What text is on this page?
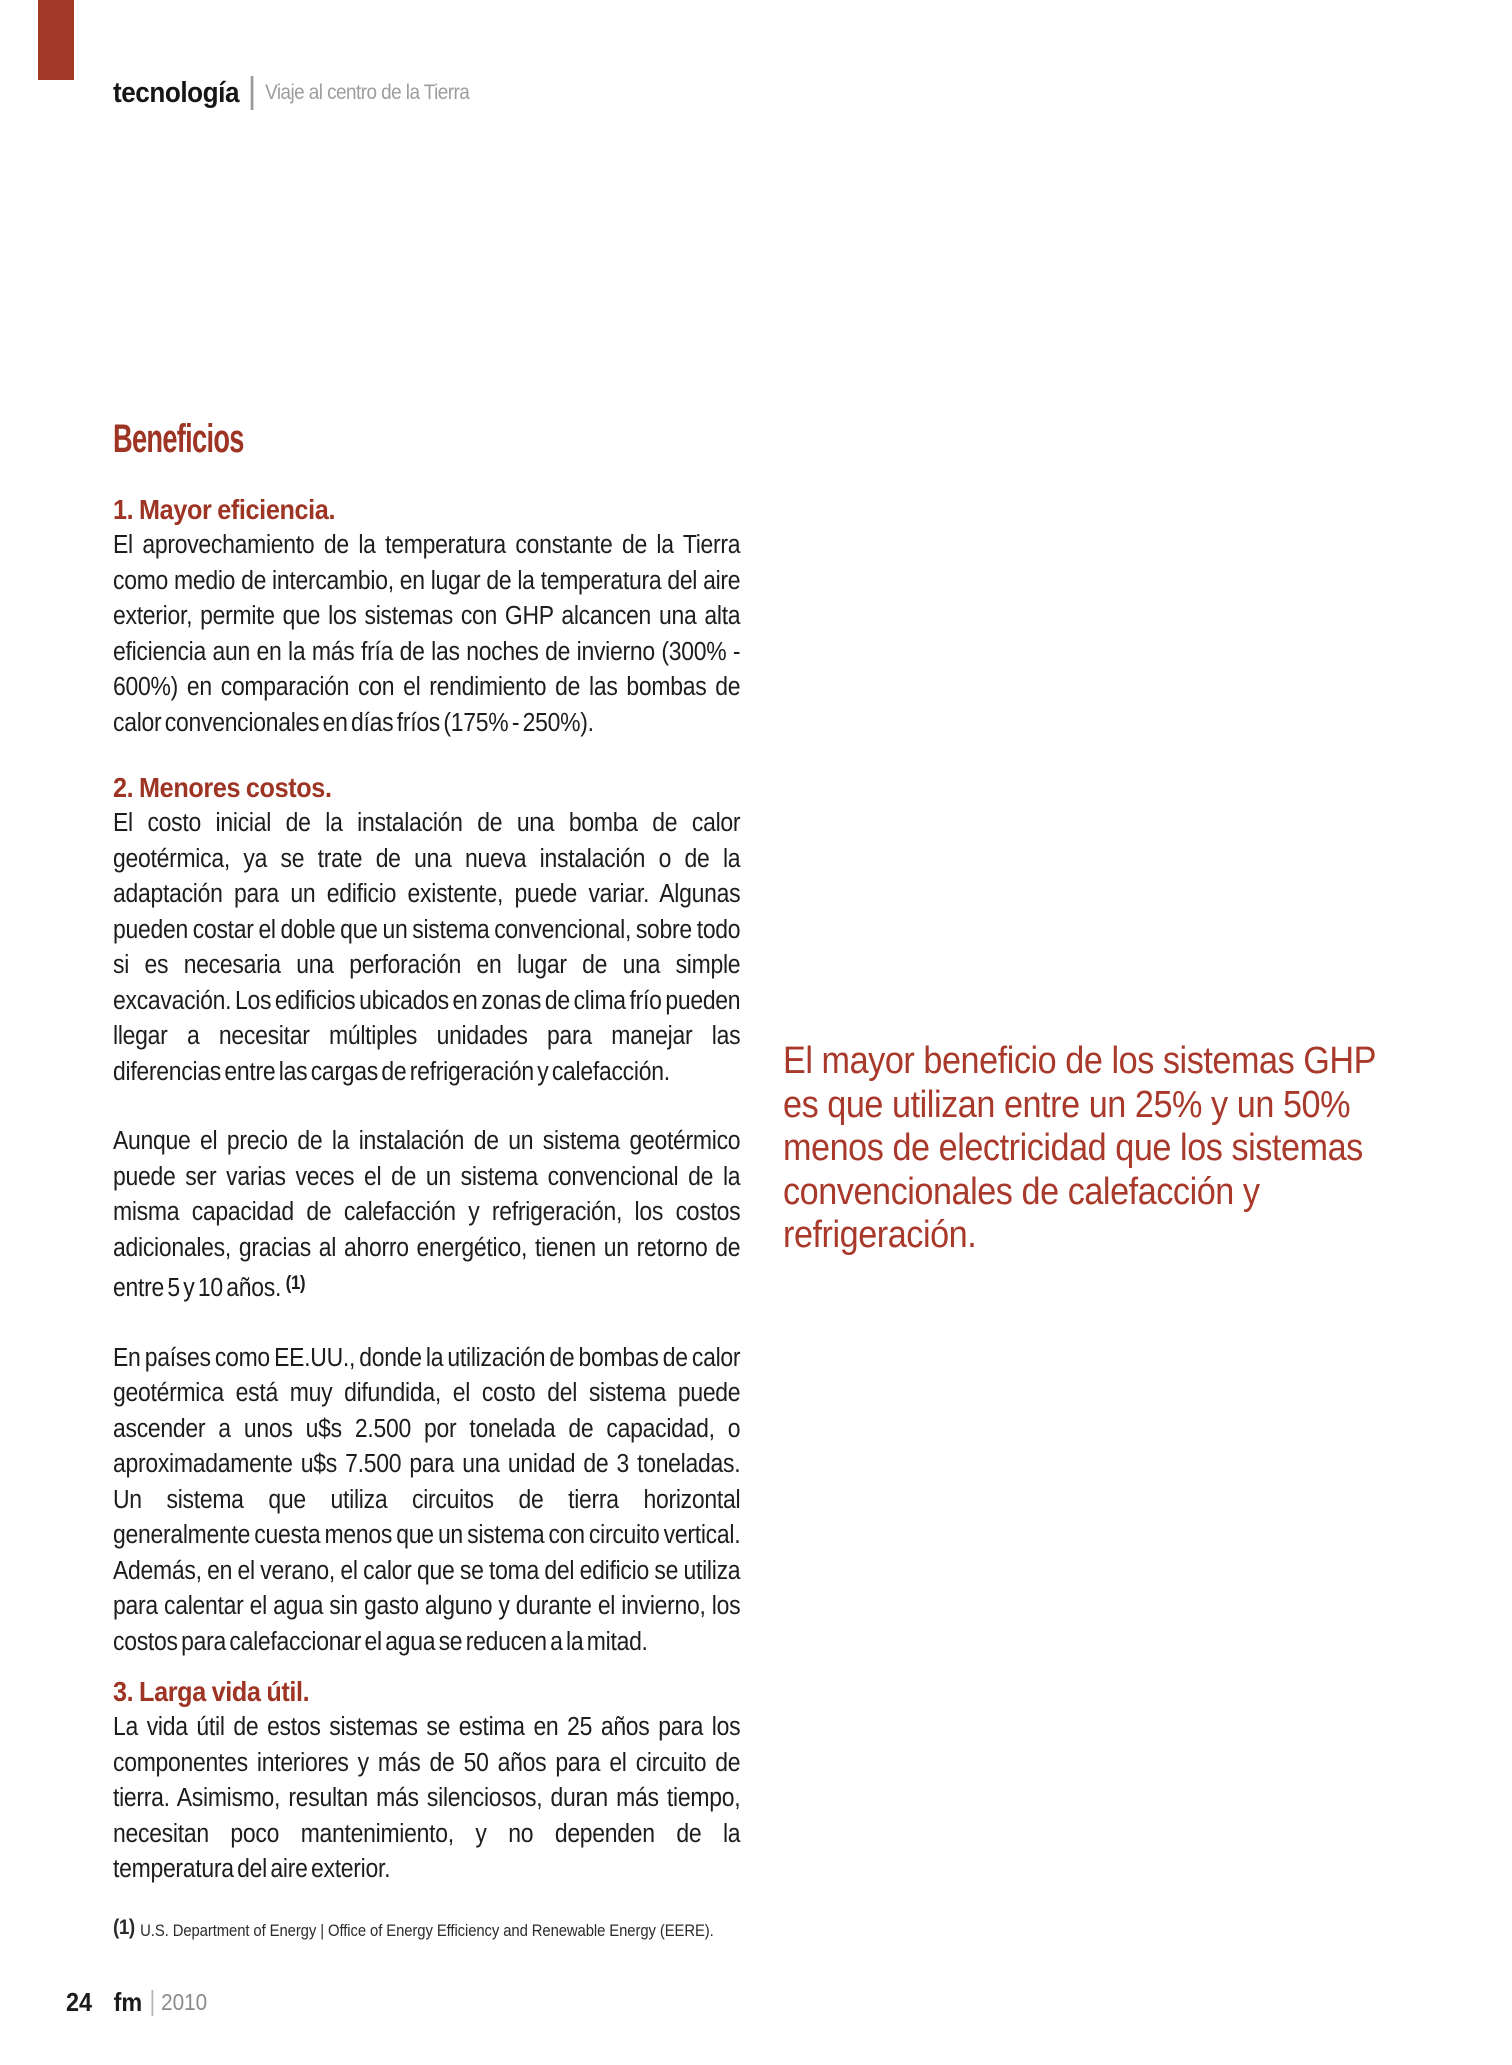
tecnología Viaje al centro de la Tierra
Beneficios
1. Mayor eficiencia.
El aprovechamiento de la temperatura constante de la Tierra
como medio de intercambio, en lugar de la temperatura del aire
exterior, permite que los sistemas con GHP alcancen una alta
eficiencia aun en la más fría de las noches de invierno (300% -
600%) en comparación con el rendimiento de las bombas de
calor convencionales en días fríos (175% - 250%).
2. Menores costos.
El costo inicial de la instalación de una bomba de calor
geotérmica, ya se trate de una nueva instalación o de la
adaptación para un edificio existente, puede variar. Algunas
pueden costar el doble que un sistema convencional, sobre todo
si es necesaria una perforación en lugar de una simple
excavación. Los edificios ubicados en zonas de clima frío pueden
llegar a necesitar múltiples unidades para manejar las
diferencias entre las cargas de refrigeración y calefacción.
Aunque el precio de la instalación de un sistema geotérmico
puede ser varias veces el de un sistema convencional de la
misma capacidad de calefacción y refrigeración, los costos
adicionales, gracias al ahorro energético, tienen un retorno de
entre 5 y 10 años. $^{(1)}$
En países como EE.UU., donde la utilización de bombas de calor
geotérmica está muy difundida, el costo del sistema puede
ascender a unos u$s 2.500 por tonelada de capacidad, o
aproximadamente u$s 7.500 para una unidad de 3 toneladas.
Un sistema que utiliza circuitos de tierra horizontal
generalmente cuesta menos que un sistema con circuito vertical.
Además, en el verano, el calor que se toma del edificio se utiliza
para calentar el agua sin gasto alguno y durante el invierno, los
costos para calefaccionar el agua se reducen a la mitad.
3. Larga vida útil.
La vida útil de estos sistemas se estima en 25 años para los
componentes interiores y más de 50 años para el circuito de
tierra. Asimismo, resultan más silenciosos, duran más tiempo,
necesitan poco mantenimiento, y no dependen de la
temperatura del aire exterior.
El mayor beneficio de los sistemas GHP
es que utilizan entre un 25% y un 50%
menos de electricidad que los sistemas
convencionales de calefacción y
refrigeración.
(1) U.S. Department of Energy | Office of Energy Efficiency and Renewable Energy (EERE).
24 fm 2010
